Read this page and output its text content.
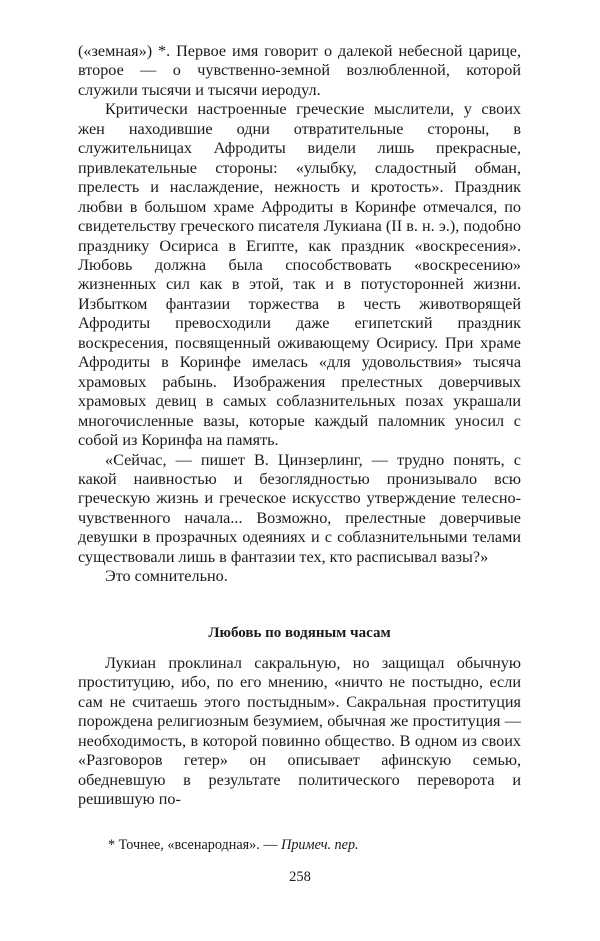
(«земная») *. Первое имя говорит о далекой небесной царице, второе — о чувственно-земной возлюбленной, которой служили тысячи и тысячи иеродул.

Критически настроенные греческие мыслители, у своих жен находившие одни отвратительные стороны, в служительницах Афродиты видели лишь прекрасные, привлекательные стороны: «улыбку, сладостный обман, прелесть и наслаждение, нежность и кротость». Праздник любви в большом храме Афродиты в Коринфе отмечался, по свидетельству греческого писателя Лукиана (II в. н. э.), подобно празднику Осириса в Египте, как праздник «воскресения». Любовь должна была способствовать «воскресению» жизненных сил как в этой, так и в потусторонней жизни. Избытком фантазии торжества в честь животворящей Афродиты превосходили даже египетский праздник воскресения, посвященный оживающему Осирису. При храме Афродиты в Коринфе имелась «для удовольствия» тысяча храмовых рабынь. Изображения прелестных доверчивых храмовых девиц в самых соблазнительных позах украшали многочисленные вазы, которые каждый паломник уносил с собой из Коринфа на память.

«Сейчас, — пишет В. Цинзерлинг, — трудно понять, с какой наивностью и безоглядностью пронизывало всю греческую жизнь и греческое искусство утверждение телесно-чувственного начала... Возможно, прелестные доверчивые девушки в прозрачных одеяниях и с соблазнительными телами существовали лишь в фантазии тех, кто расписывал вазы?»

Это сомнительно.

Любовь по водяным часам

Лукиан проклинал сакральную, но защищал обычную проституцию, ибо, по его мнению, «ничто не постыдно, если сам не считаешь этого постыдным». Сакральная проституция порождена религиозным безумием, обычная же проституция — необходимость, в которой повинно общество. В одном из своих «Разговоров гетер» он описывает афинскую семью, обедневшую в результате политического переворота и решившую по-

* Точнее, «всенародная». — Примеч. пер.
258
